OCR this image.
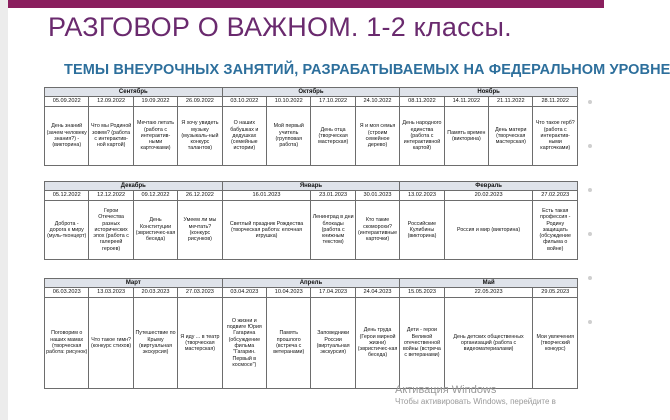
РАЗГОВОР О ВАЖНОМ. 1-2 классы.
ТЕМЫ ВНЕУРОЧНЫХ ЗАНЯТИЙ, РАЗРАБАТЫВАЕМЫХ НА ФЕДЕРАЛЬНОМ УРОВНЕ
Сентябрь				Октябрь				Ноябрь			
05.09.2022	12.09.2022	19.09.2022	26.09.2022	03.10.2022	10.10.2022	17.10.2022	24.10.2022	08.11.2022	14.11.2022	21.11.2022	28.11.2022
День знаний (зачем человеку знания?) - (викторина)	Что мы Родиной зовем? (работа с интерактив-ной картой)	Мечтаю летать (работа с интерактив-ными карточками)	Я хочу увидеть музыку (музыкаль-ный конкурс талантов)	О наших бабушках и дедушках (семейные истории)	Мой первый учитель (групповая работа)	День отца (творческая мастерская)	Я и моя семья (строим семейное дерево)	День народного единства (работа с интерактивной картой)	Память времен (викторина)	День матери (творческая мастерская)	Что такое герб? (работа с интерактив-ными карточками)
Декабрь				Январь			Февраль		
05.12.2022	12.12.2022	09.12.2022	26.12.2022	16.01.2023	23.01.2023	30.01.2023	13.02.2023	20.02.2023	27.02.2023
Доброта - дорога к миру (муль-тконцерт)	Герои Отечества разных исторических эпох (работа с галереей героев)	День Конституции (эвристичес-кая беседа)	Умеем ли мы мечтать? (конкурс рисунков)	Светлый праздник Рождества (творческая работа: елочная игрушка)	Ленинград в дни блокады (работа с книжным текстом)	Кто такие скоморохи? (интерактивные карточки)	Российские Кулибины (викторина)	Россия и мир (викторина)	Есть такая профессия - Родину защищать (обсуждение фильма о войне)
Март				Апрель				Май		
06.03.2023	13.03.2023	20.03.2023	27.03.2023	03.04.2023	10.04.2023	17.04.2023	24.04.2023	15.05.2023	22.05.2023	29.05.2023
Поговорим о наших мамах (творческая работа: рисунок)	Что такое гимн? (конкурс стихов)	Путешествие по Крыму (виртуальная экскурсия)	Я иду ... в театр (творческая мастерская)	О жизни и подвиге Юрия Гагарина (обсуждение фильма "Гагарин. Первый в космосе")	Память прошлого (встреча с ветеранами)	Заповедники России (виртуальная экскурсия)	День труда (Герои мирной жизни) (эвристичес-кая беседа)	Дети - герои Великой отечественной войны (встреча с ветеранами)	День детских общественных организаций (работа с видеоматериалами)	Мои увлечения (творческий конкурс)
Активация Windows
Чтобы активировать Windows, перейдите в
